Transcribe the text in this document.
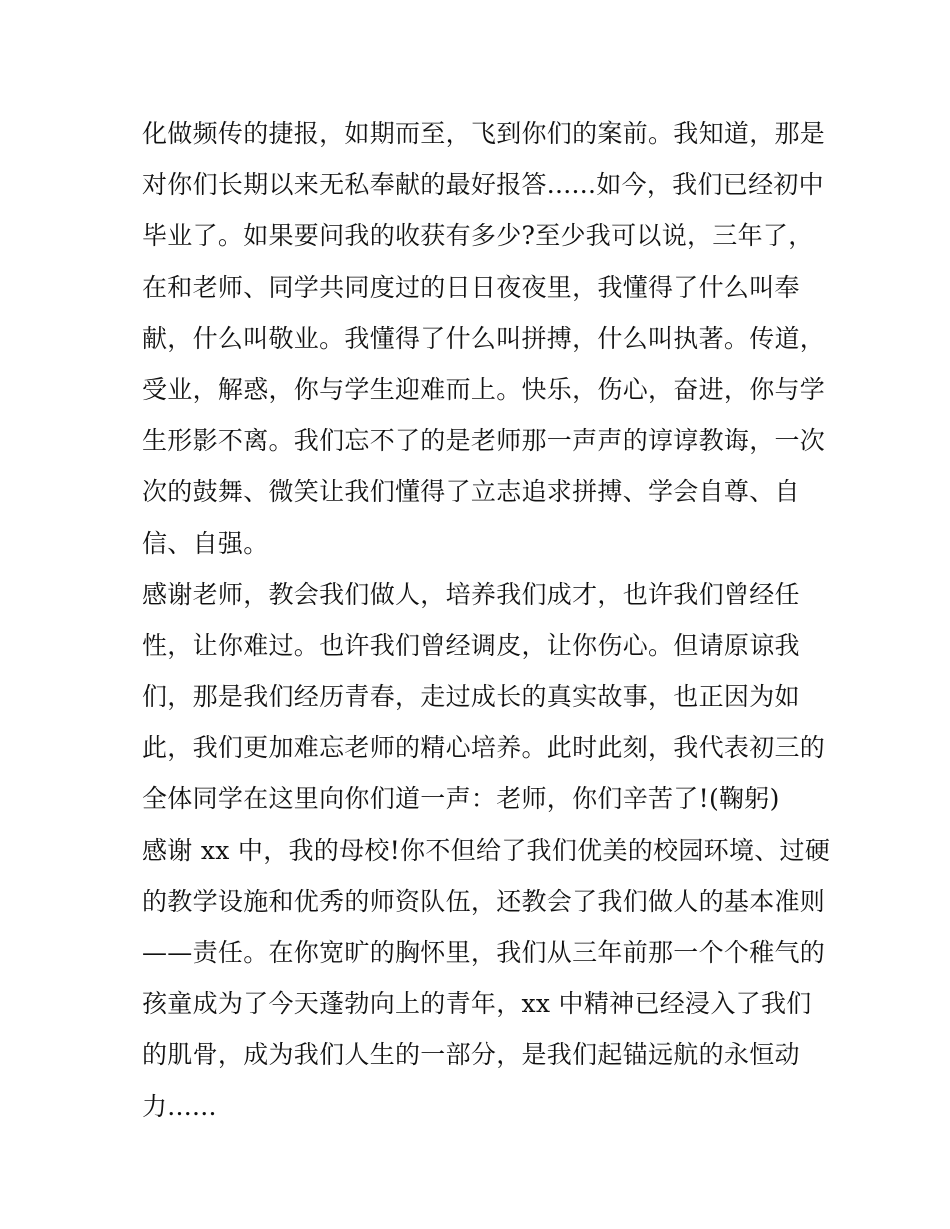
化做频传的捷报，如期而至，飞到你们的案前。我知道，那是
对你们长期以来无私奉献的最好报答......如今，我们已经初中
毕业了。如果要问我的收获有多少?至少我可以说，三年了，
在和老师、同学共同度过的日日夜夜里，我懂得了什么叫奉
献，什么叫敬业。我懂得了什么叫拼搏，什么叫执著。传道，
受业，解惑，你与学生迎难而上。快乐，伤心，奋进，你与学
生形影不离。我们忘不了的是老师那一声声的谆谆教诲，一次
次的鼓舞、微笑让我们懂得了立志追求拼搏、学会自尊、自
信、自强。
感谢老师，教会我们做人，培养我们成才，也许我们曾经任
性，让你难过。也许我们曾经调皮，让你伤心。但请原谅我
们，那是我们经历青春，走过成长的真实故事，也正因为如
此，我们更加难忘老师的精心培养。此时此刻，我代表初三的
全体同学在这里向你们道一声：老师，你们辛苦了!(鞠躬)
感谢 xx 中，我的母校!你不但给了我们优美的校园环境、过硬
的教学设施和优秀的师资队伍，还教会了我们做人的基本准则
——责任。在你宽旷的胸怀里，我们从三年前那一个个稚气的
孩童成为了今天蓬勃向上的青年，xx 中精神已经浸入了我们
的肌骨，成为我们人生的一部分，是我们起锚远航的永恒动
力......
